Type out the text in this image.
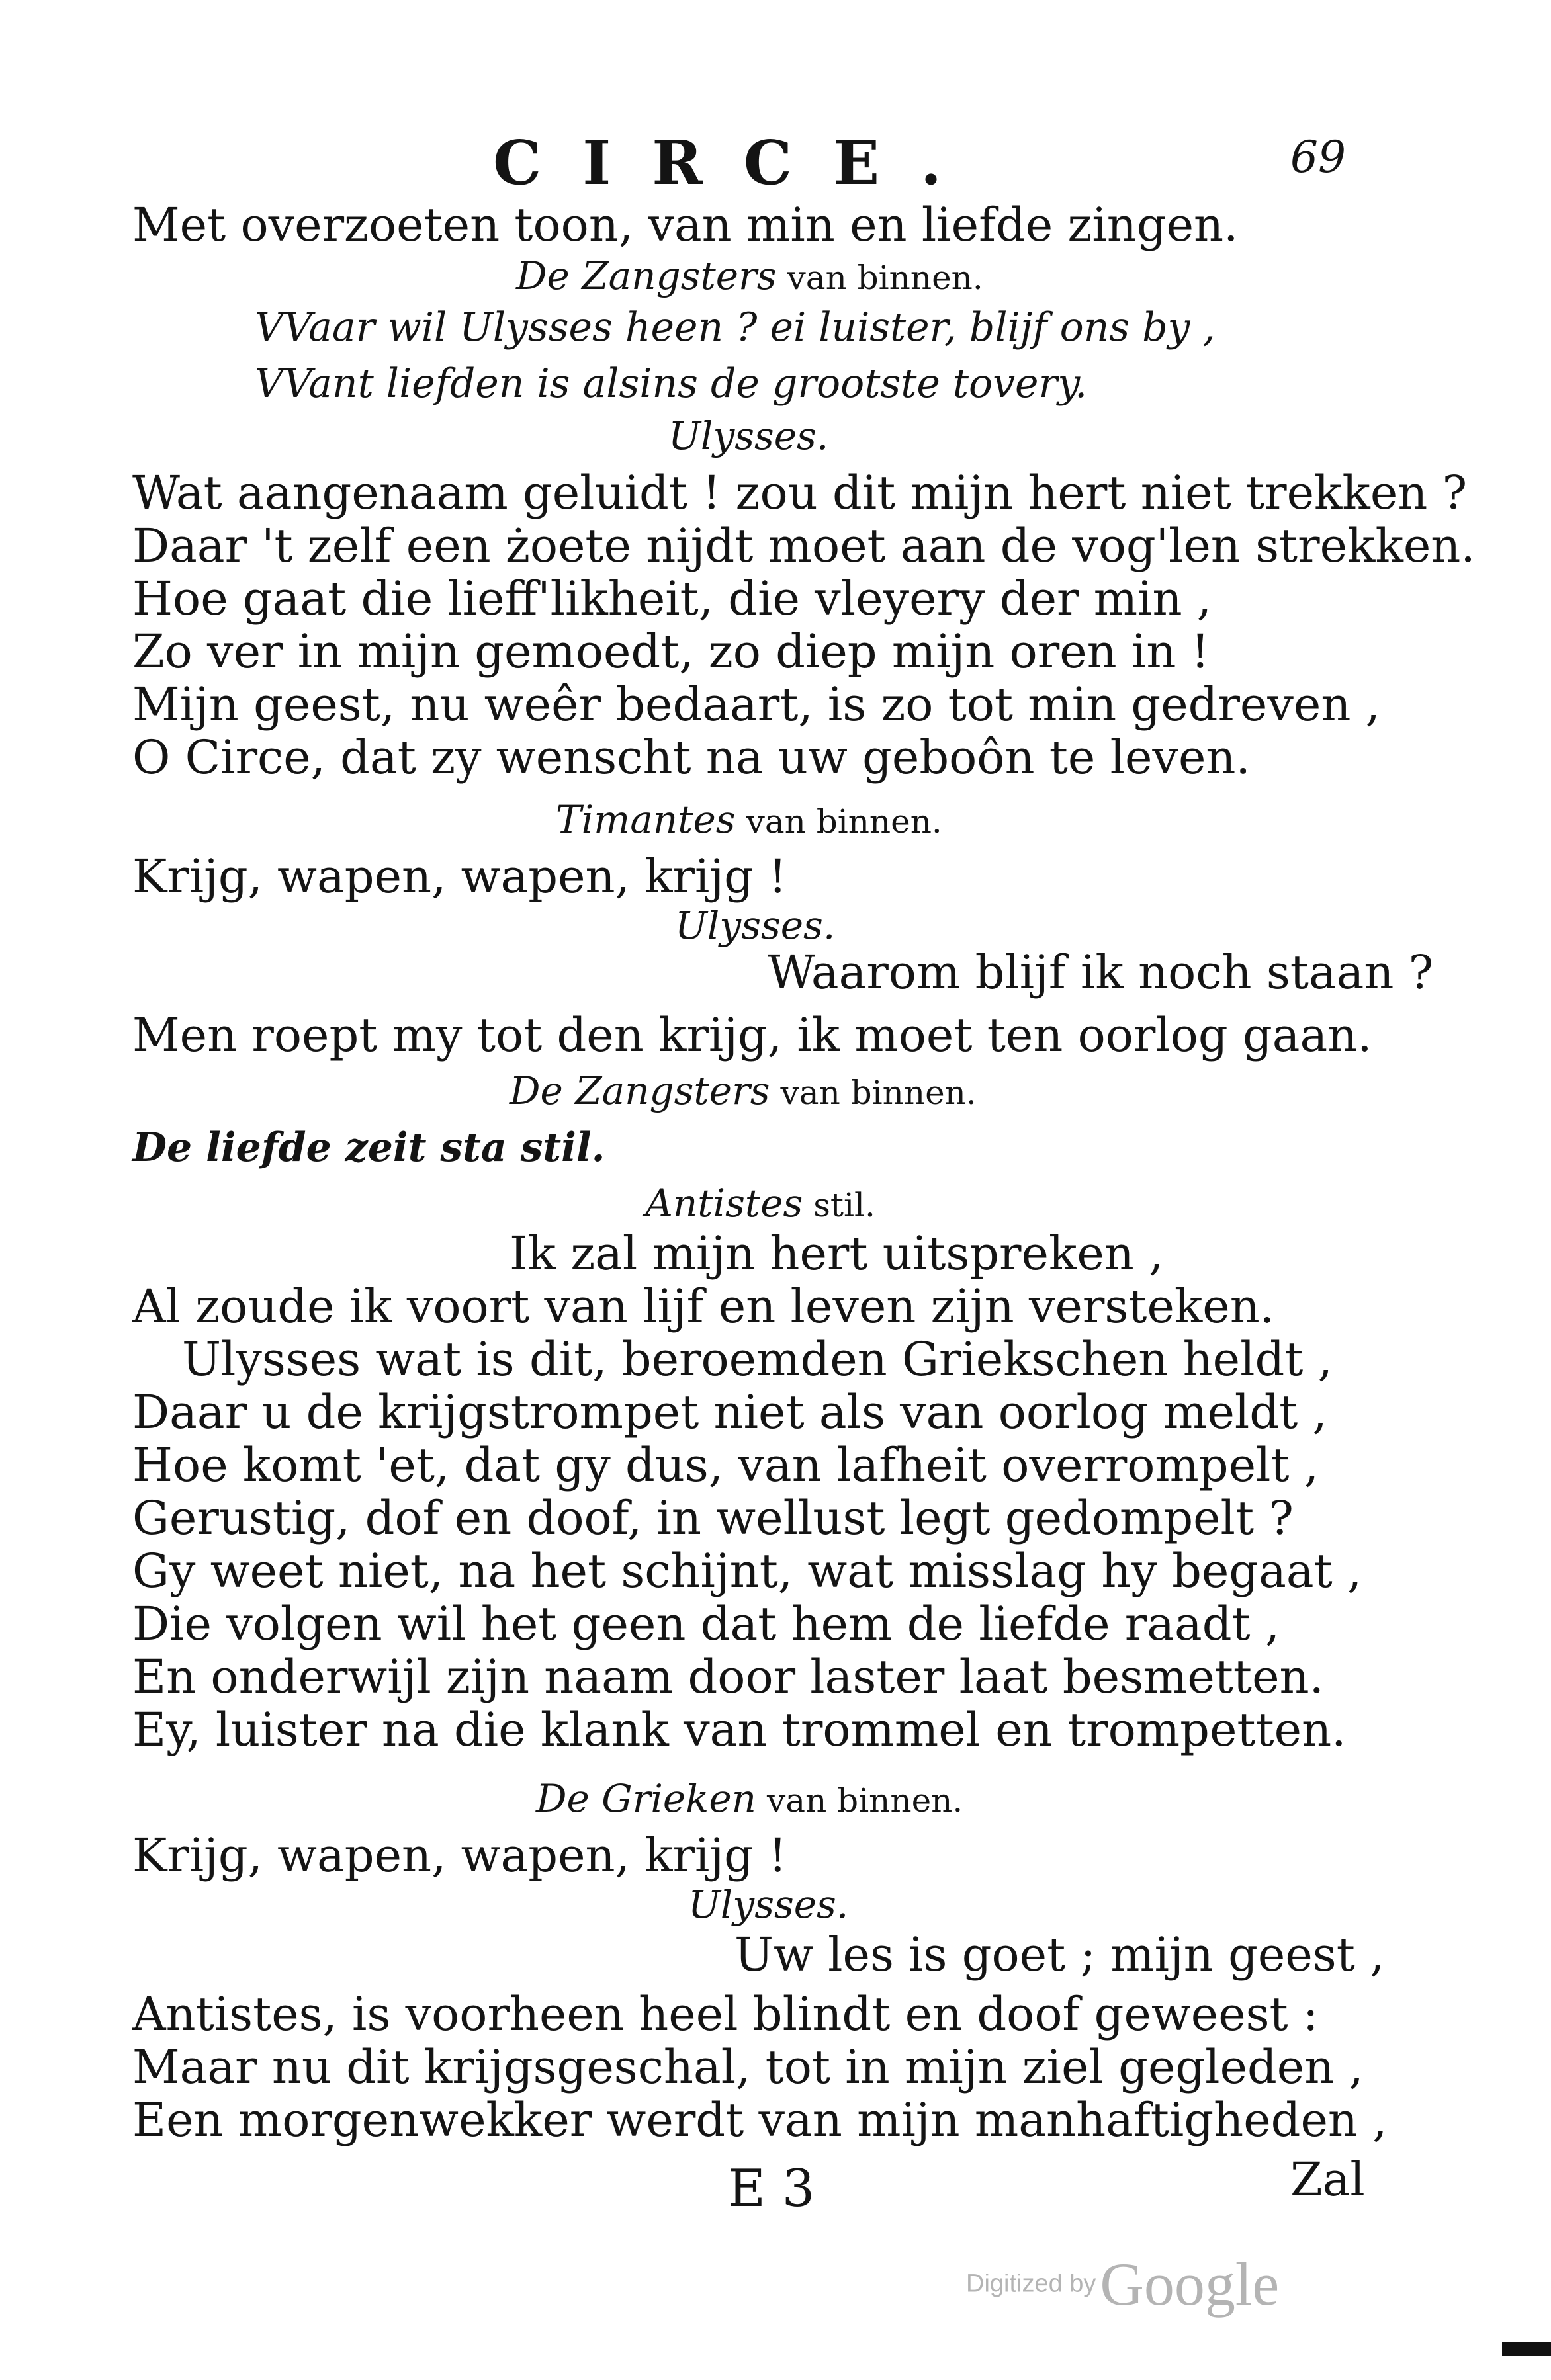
CIRCE.	69
Met overzoeten toon, van min en liefde zingen.
De Zangsters van binnen.
VVaar wil Ulysses heen ? ei luister, blijf ons by ,
VVant liefden is alsins de grootste tovery.
Ulysses.
Wat aangenaam geluidt ! zou dit mijn hert niet trekken ?
Daar 't zelf een żoete nijdt moet aan de vog'len strekken.
Hoe gaat die lieff'likheit, die vleyery der min ,
Zo ver in mijn gemoedt, zo diep mijn oren in !
Mijn geest, nu weêr bedaart, is zo tot min gedreven ,
O Circe, dat zy wenscht na uw geboôn te leven.
Timantes van binnen.
Krijg, wapen, wapen, krijg !
Ulysses.
Waarom blijf ik noch staan ?
Men roept my tot den krijg, ik moet ten oorlog gaan.
De Zangsters van binnen.
De liefde zeit sta stil.
Antistes stil.
Ik zal mijn hert uitspreken ,
Al zoude ik voort van lijf en leven zijn versteken.
Ulysses wat is dit, beroemden Griekschen heldt ,
Daar u de krijgstrompet niet als van oorlog meldt ,
Hoe komt 'et, dat gy dus, van lafheit overrompelt ,
Gerustig, dof en doof, in wellust legt gedompelt ?
Gy weet niet, na het schijnt, wat misslag hy begaat ,
Die volgen wil het geen dat hem de liefde raadt ,
En onderwijl zijn naam door laster laat besmetten.
Ey, luister na die klank van trommel en trompetten.
De Grieken van binnen.
Krijg, wapen, wapen, krijg !
Ulysses.
Uw les is goet ; mijn geest ,
Antistes, is voorheen heel blindt en doof geweest :
Maar nu dit krijgsgeschal, tot in mijn ziel gegleden ,
Een morgenwekker werdt van mijn manhaftigheden ,
E 3	Zal
Digitized byGoogle
